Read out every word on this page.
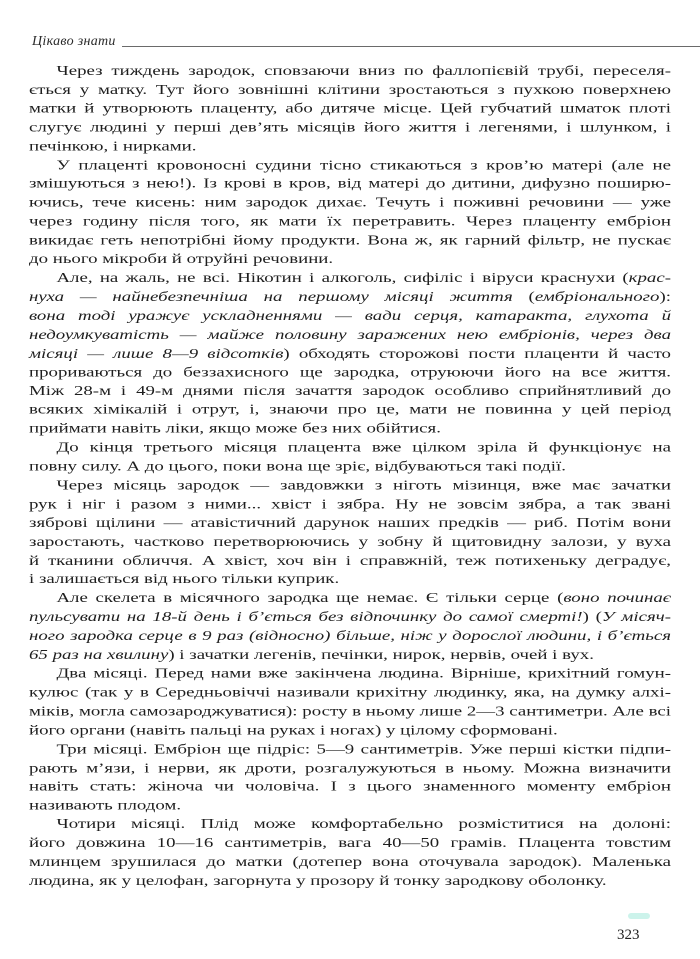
Цікаво знати

Через тиждень зародок, сповзаючи вниз по фаллопієвій трубі, переселя-
ється у матку. Тут його зовнішні клітини зростаються з пухкою поверхнею
матки й утворюють плаценту, або дитяче місце. Цей губчатий шматок плоті
слугує людині у перші дев’ять місяців його життя і легенями, і шлунком, і
печінкою, і нирками.

У плаценті кровоносні судини тісно стикаються з кров’ю матері (але не
змішуються з нею!). Із крові в кров, від матері до дитини, дифузно поширю-
ючись, тече кисень: ним зародок дихає. Течуть і поживні речовини — уже
через годину після того, як мати їх перетравить. Через плаценту ембріон
викидає геть непотрібні йому продукти. Вона ж, як гарний фільтр, не пускає
до нього мікроби й отруйні речовини.

Але, на жаль, не всі. Нікотин і алкоголь, сифіліс і віруси краснухи (крас-
нуха — найнебезпечніша на першому місяці життя (ембріонального):
вона тоді уражує ускладненнями — вади серця, катаракта, глухота й
недоумкуватість — майже половину заражених нею ембріонів, через два
місяці — лише 8—9 відсотків) обходять сторожові пости плаценти й часто
прориваються до беззахисного ще зародка, отруюючи його на все життя.
Між 28-м і 49-м днями після зачаття зародок особливо сприйнятливий до
всяких хімікалій і отрут, і, знаючи про це, мати не повинна у цей період
приймати навіть ліки, якщо може без них обійтися.

До кінця третього місяця плацента вже цілком зріла й функціонує на
повну силу. А до цього, поки вона ще зріє, відбуваються такі події.

Через місяць зародок — завдовжки з ніготь мізинця, вже має зачатки
рук і ніг і разом з ними... хвіст і зябра. Ну не зовсім зябра, а так звані
зяброві щілини — атавістичний дарунок наших предків — риб. Потім вони
заростають, частково перетворюючись у зобну й щитовидну залози, у вуха
й тканини обличчя. А хвіст, хоч він і справжній, теж потихеньку деградує,
і залишається від нього тільки куприк.

Але скелета в місячного зародка ще немає. Є тільки серце (воно починає
пульсувати на 18-й день і б’ється без відпочинку до самої смерті!) (У місяч-
ного зародка серце в 9 раз (відносно) більше, ніж у дорослої людини, і б’ється
65 раз на хвилину) і зачатки легенів, печінки, нирок, нервів, очей і вух.

Два місяці. Перед нами вже закінчена людина. Вірніше, крихітний гомун-
кулюс (так у в Середньовіччі називали крихітну людинку, яка, на думку алхі-
міків, могла самозароджуватися): росту в ньому лише 2—3 сантиметри. Але всі
його органи (навіть пальці на руках і ногах) у цілому сформовані.

Три місяці. Ембріон ще підріс: 5—9 сантиметрів. Уже перші кістки підпи-
рають м’язи, і нерви, як дроти, розгалужуються в ньому. Можна визначити
навіть стать: жіноча чи чоловіча. І з цього знаменного моменту ембріон
називають плодом.

Чотири місяці. Плід може комфортабельно розміститися на долоні:
його довжина 10—16 сантиметрів, вага 40—50 грамів. Плацента товстим
млинцем зрушилася до матки (дотепер вона оточувала зародок). Маленька
людина, як у целофан, загорнута у прозору й тонку зародкову оболонку.

323
